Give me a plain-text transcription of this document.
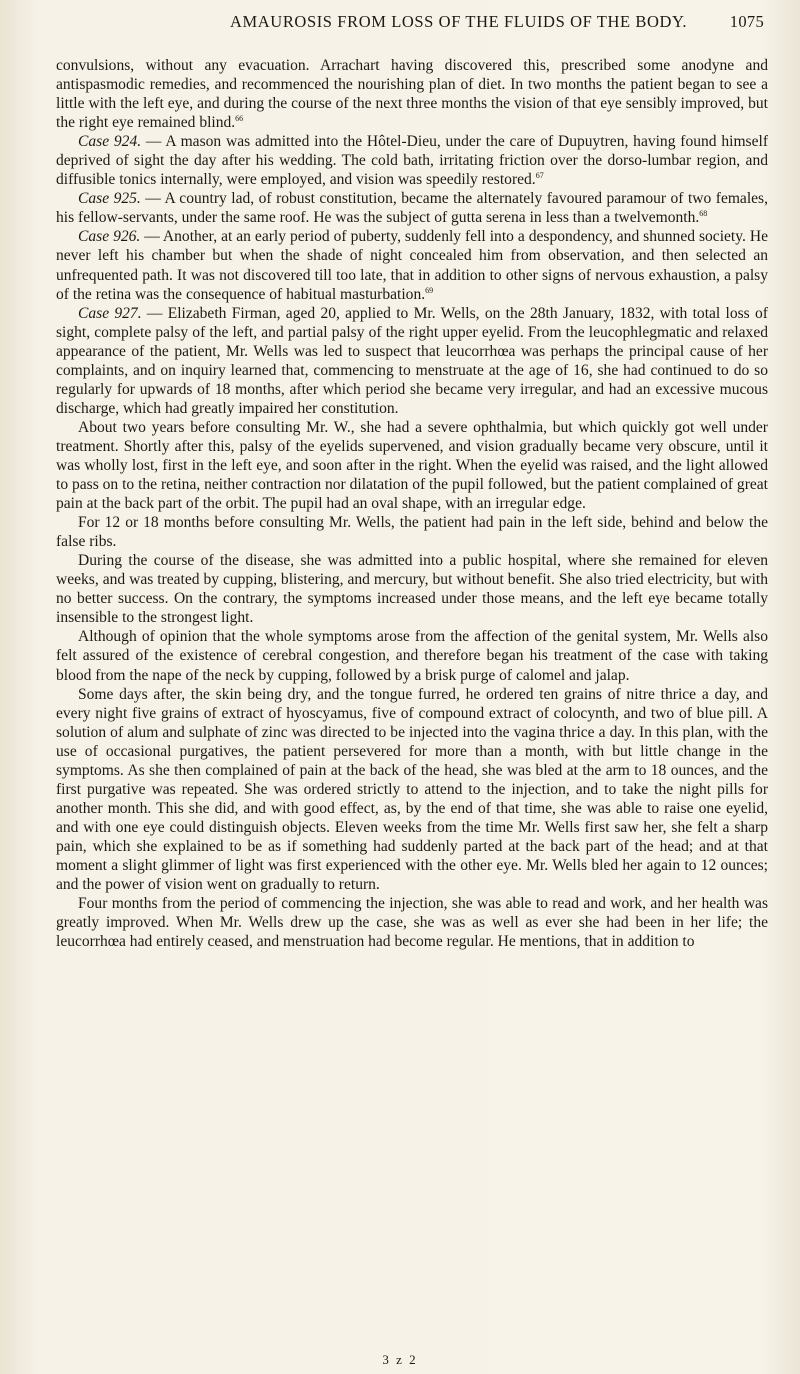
AMAUROSIS FROM LOSS OF THE FLUIDS OF THE BODY.	1075

convulsions, without any evacuation. Arrachart having discovered this, prescribed some anodyne and antispasmodic remedies, and recommenced the nourishing plan of diet. In two months the patient began to see a little with the left eye, and during the course of the next three months the vision of that eye sensibly improved, but the right eye remained blind.$^{66}$

Case 924. — A mason was admitted into the Hôtel-Dieu, under the care of Dupuytren, having found himself deprived of sight the day after his wedding. The cold bath, irritating friction over the dorso-lumbar region, and diffusible tonics internally, were employed, and vision was speedily restored.$^{67}$

Case 925. — A country lad, of robust constitution, became the alternately favoured paramour of two females, his fellow-servants, under the same roof. He was the subject of gutta serena in less than a twelvemonth.$^{68}$

Case 926. — Another, at an early period of puberty, suddenly fell into a despondency, and shunned society. He never left his chamber but when the shade of night concealed him from observation, and then selected an unfrequented path. It was not discovered till too late, that in addition to other signs of nervous exhaustion, a palsy of the retina was the consequence of habitual masturbation.$^{69}$

Case 927. — Elizabeth Firman, aged 20, applied to Mr. Wells, on the 28th January, 1832, with total loss of sight, complete palsy of the left, and partial palsy of the right upper eyelid. From the leucophlegmatic and relaxed appearance of the patient, Mr. Wells was led to suspect that leucorrhœa was perhaps the principal cause of her complaints, and on inquiry learned that, commencing to menstruate at the age of 16, she had continued to do so regularly for upwards of 18 months, after which period she became very irregular, and had an excessive mucous discharge, which had greatly impaired her constitution.

About two years before consulting Mr. W., she had a severe ophthalmia, but which quickly got well under treatment. Shortly after this, palsy of the eyelids supervened, and vision gradually became very obscure, until it was wholly lost, first in the left eye, and soon after in the right. When the eyelid was raised, and the light allowed to pass on to the retina, neither contraction nor dilatation of the pupil followed, but the patient complained of great pain at the back part of the orbit. The pupil had an oval shape, with an irregular edge.

For 12 or 18 months before consulting Mr. Wells, the patient had pain in the left side, behind and below the false ribs.

During the course of the disease, she was admitted into a public hospital, where she remained for eleven weeks, and was treated by cupping, blistering, and mercury, but without benefit. She also tried electricity, but with no better success. On the contrary, the symptoms increased under those means, and the left eye became totally insensible to the strongest light.

Although of opinion that the whole symptoms arose from the affection of the genital system, Mr. Wells also felt assured of the existence of cerebral congestion, and therefore began his treatment of the case with taking blood from the nape of the neck by cupping, followed by a brisk purge of calomel and jalap.

Some days after, the skin being dry, and the tongue furred, he ordered ten grains of nitre thrice a day, and every night five grains of extract of hyoscyamus, five of compound extract of colocynth, and two of blue pill. A solution of alum and sulphate of zinc was directed to be injected into the vagina thrice a day. In this plan, with the use of occasional purgatives, the patient persevered for more than a month, with but little change in the symptoms. As she then complained of pain at the back of the head, she was bled at the arm to 18 ounces, and the first purgative was repeated. She was ordered strictly to attend to the injection, and to take the night pills for another month. This she did, and with good effect, as, by the end of that time, she was able to raise one eyelid, and with one eye could distinguish objects. Eleven weeks from the time Mr. Wells first saw her, she felt a sharp pain, which she explained to be as if something had suddenly parted at the back part of the head; and at that moment a slight glimmer of light was first experienced with the other eye. Mr. Wells bled her again to 12 ounces; and the power of vision went on gradually to return.

Four months from the period of commencing the injection, she was able to read and work, and her health was greatly improved. When Mr. Wells drew up the case, she was as well as ever she had been in her life; the leucorrhœa had entirely ceased, and menstruation had become regular. He mentions, that in addition to

3 z 2
